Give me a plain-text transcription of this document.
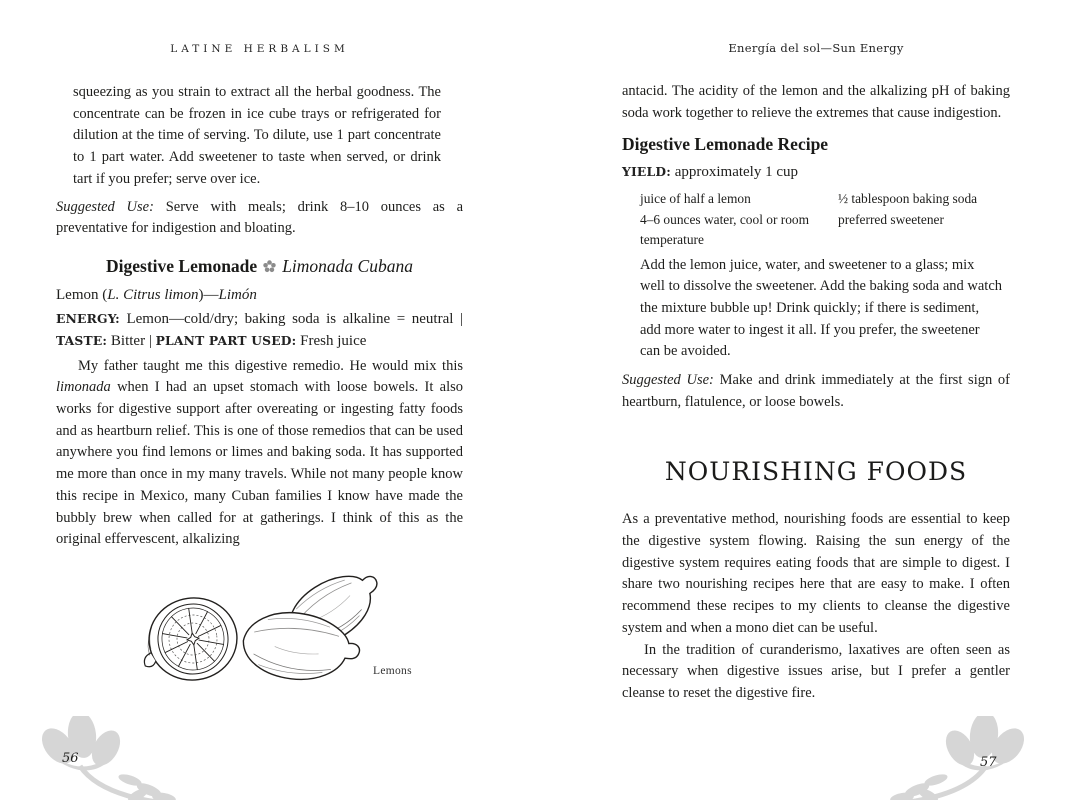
LATINE HERBALISM

squeezing as you strain to extract all the herbal goodness. The concentrate can be frozen in ice cube trays or refrigerated for dilution at the time of serving. To dilute, use 1 part concentrate to 1 part water. Add sweetener to taste when served, or drink tart if you prefer; serve over ice.

Suggested Use: Serve with meals; drink 8–10 ounces as a preventative for indigestion and bloating.

Digestive Lemonade Limonada Cubana

Lemon (L. Citrus limon)—Limón

ENERGY: Lemon—cold/dry; baking soda is alkaline = neutral | TASTE: Bitter | PLANT PART USED: Fresh juice

My father taught me this digestive remedio. He would mix this limonada when I had an upset stomach with loose bowels. It also works for digestive support after overeating or ingesting fatty foods and as heartburn relief. This is one of those remedios that can be used anywhere you find lemons or limes and baking soda. It has supported me more than once in my many travels. While not many people know this recipe in Mexico, many Cuban families I know have made the bubbly brew when called for at gatherings. I think of this as the original effervescent, alkalizing

Lemons
Energía del sol—Sun Energy

antacid. The acidity of the lemon and the alkalizing pH of baking soda work together to relieve the extremes that cause indigestion.

Digestive Lemonade Recipe

YIELD: approximately 1 cup

juice of half a lemon

4–6 ounces water, cool or room temperature

½ tablespoon baking soda

preferred sweetener

Add the lemon juice, water, and sweetener to a glass; mix well to dissolve the sweetener. Add the baking soda and watch the mixture bubble up! Drink quickly; if there is sediment, add more water to ingest it all. If you prefer, the sweetener can be avoided.

Suggested Use: Make and drink immediately at the first sign of heartburn, flatulence, or loose bowels.

NOURISHING FOODS

As a preventative method, nourishing foods are essential to keep the digestive system flowing. Raising the sun energy of the digestive system requires eating foods that are simple to digest. I share two nourishing recipes here that are easy to make. I often recommend these recipes to my clients to cleanse the digestive system and when a mono diet can be useful.

In the tradition of curanderismo, laxatives are often seen as necessary when digestive issues arise, but I prefer a gentler cleanse to reset the digestive fire.

56	57
